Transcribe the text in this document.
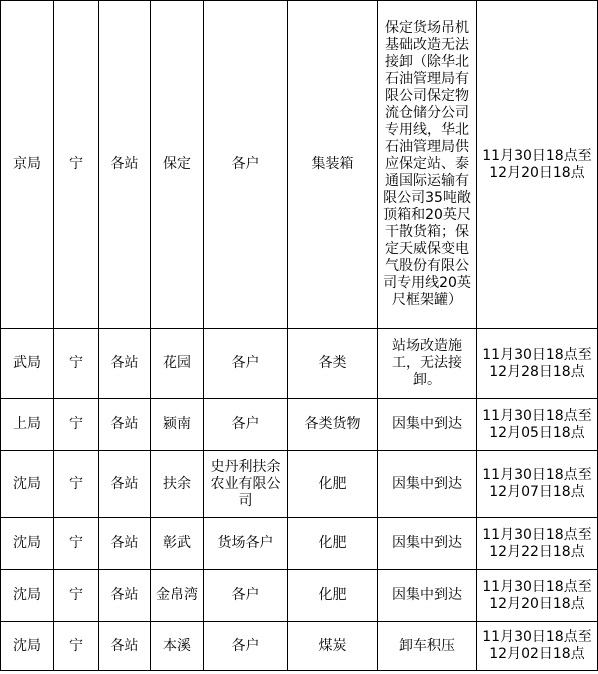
京局	宁	各站	保定	各户	集装箱	保定货场吊机基础改造无法接卸（除华北石油管理局有限公司保定物流仓储分公司专用线，华北石油管理局供应保定站、泰通国际运输有限公司35吨敞顶箱和20英尺干散货箱；保定天威保变电气股份有限公司专用线20英尺框架罐）	11月30日18点至12月20日18点
武局	宁	各站	花园	各户	各类	站场改造施工，无法接卸。	11月30日18点至12月28日18点
上局	宁	各站	颍南	各户	各类货物	因集中到达	11月30日18点至12月05日18点
沈局	宁	各站	扶余	史丹利扶余农业有限公司	化肥	因集中到达	11月30日18点至12月07日18点
沈局	宁	各站	彰武	货场各户	化肥	因集中到达	11月30日18点至12月22日18点
沈局	宁	各站	金帛湾	各户	化肥	因集中到达	11月30日18点至12月20日18点
沈局	宁	各站	本溪	各户	煤炭	卸车积压	11月30日18点至12月02日18点
